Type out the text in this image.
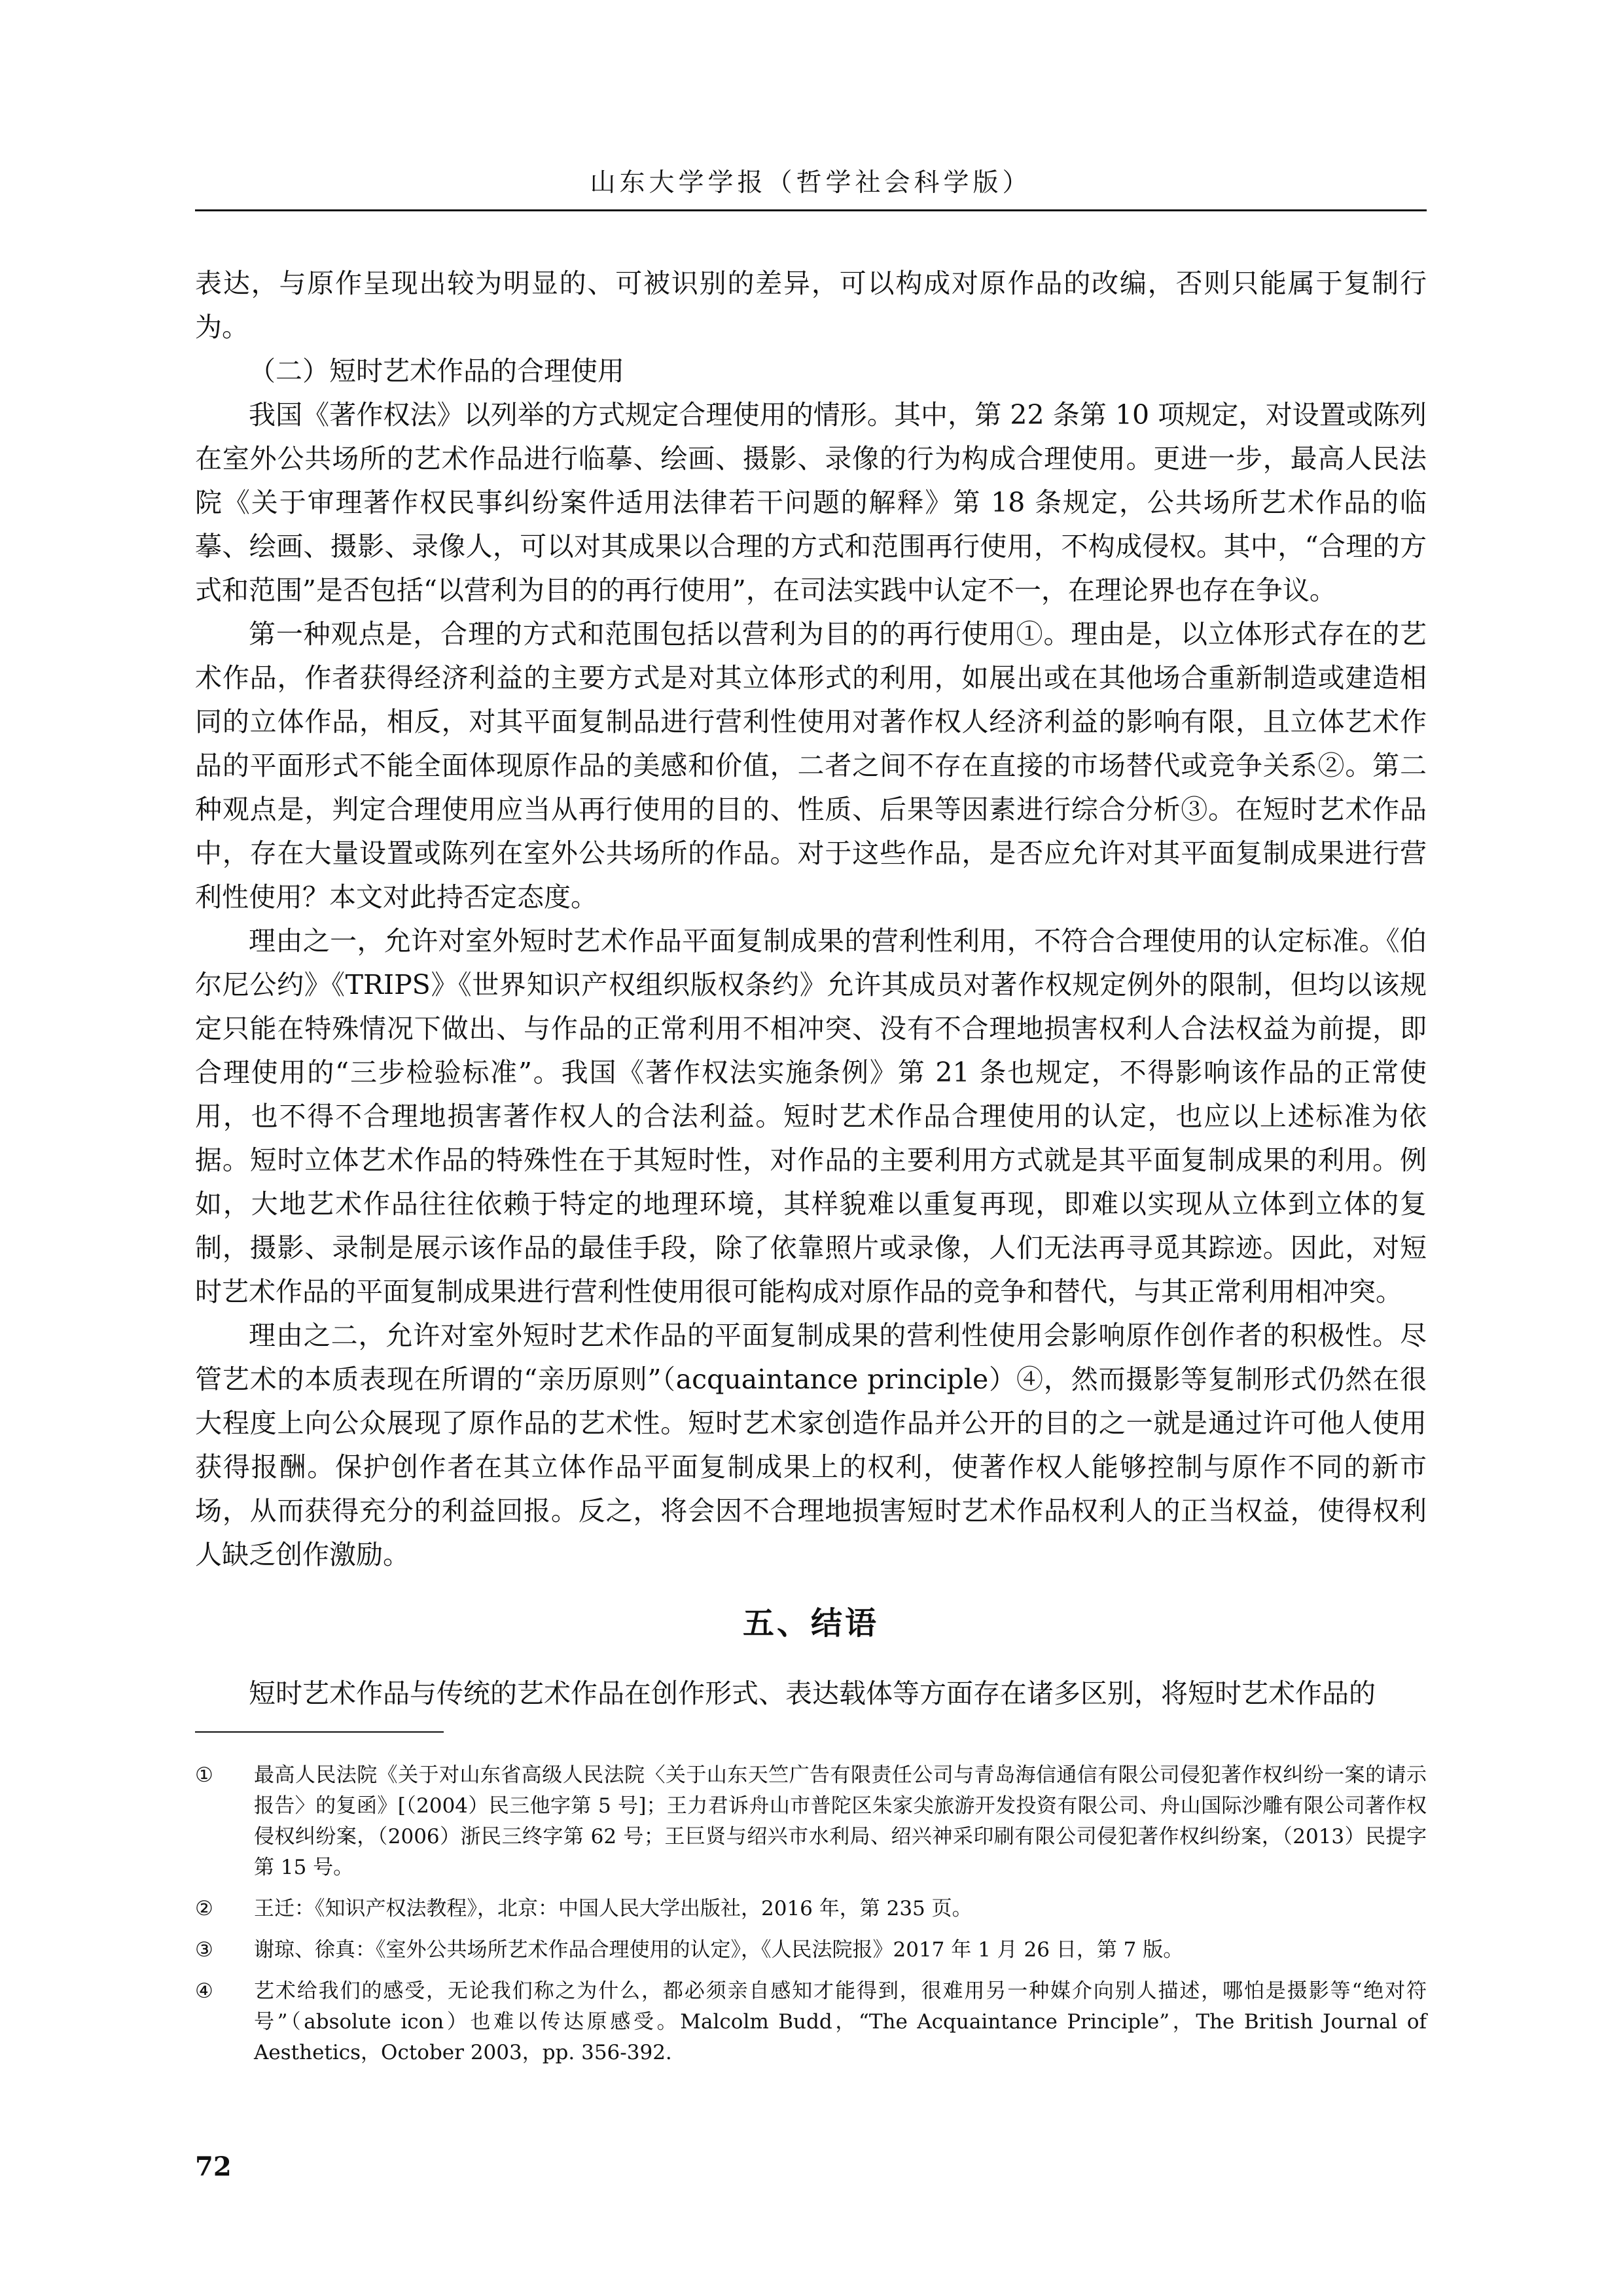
山东大学学报（哲学社会科学版）

表达，与原作呈现出较为明显的、可被识别的差异，可以构成对原作品的改编，否则只能属于复制行为。

（二）短时艺术作品的合理使用

我国《著作权法》以列举的方式规定合理使用的情形。其中，第 22 条第 10 项规定，对设置或陈列在室外公共场所的艺术作品进行临摹、绘画、摄影、录像的行为构成合理使用。更进一步，最高人民法院《关于审理著作权民事纠纷案件适用法律若干问题的解释》第 18 条规定，公共场所艺术作品的临摹、绘画、摄影、录像人，可以对其成果以合理的方式和范围再行使用，不构成侵权。其中，“合理的方式和范围”是否包括“以营利为目的的再行使用”，在司法实践中认定不一，在理论界也存在争议。

第一种观点是，合理的方式和范围包括以营利为目的的再行使用①。理由是，以立体形式存在的艺术作品，作者获得经济利益的主要方式是对其立体形式的利用，如展出或在其他场合重新制造或建造相同的立体作品，相反，对其平面复制品进行营利性使用对著作权人经济利益的影响有限，且立体艺术作品的平面形式不能全面体现原作品的美感和价值，二者之间不存在直接的市场替代或竞争关系②。第二种观点是，判定合理使用应当从再行使用的目的、性质、后果等因素进行综合分析③。在短时艺术作品中，存在大量设置或陈列在室外公共场所的作品。对于这些作品，是否应允许对其平面复制成果进行营利性使用？本文对此持否定态度。

理由之一，允许对室外短时艺术作品平面复制成果的营利性利用，不符合合理使用的认定标准。《伯尔尼公约》《TRIPS》《世界知识产权组织版权条约》允许其成员对著作权规定例外的限制，但均以该规定只能在特殊情况下做出、与作品的正常利用不相冲突、没有不合理地损害权利人合法权益为前提，即合理使用的“三步检验标准”。我国《著作权法实施条例》第 21 条也规定，不得影响该作品的正常使用，也不得不合理地损害著作权人的合法利益。短时艺术作品合理使用的认定，也应以上述标准为依据。短时立体艺术作品的特殊性在于其短时性，对作品的主要利用方式就是其平面复制成果的利用。例如，大地艺术作品往往依赖于特定的地理环境，其样貌难以重复再现，即难以实现从立体到立体的复制，摄影、录制是展示该作品的最佳手段，除了依靠照片或录像，人们无法再寻觅其踪迹。因此，对短时艺术作品的平面复制成果进行营利性使用很可能构成对原作品的竞争和替代，与其正常利用相冲突。

理由之二，允许对室外短时艺术作品的平面复制成果的营利性使用会影响原作创作者的积极性。尽管艺术的本质表现在所谓的“亲历原则”（acquaintance principle）④，然而摄影等复制形式仍然在很大程度上向公众展现了原作品的艺术性。短时艺术家创造作品并公开的目的之一就是通过许可他人使用获得报酬。保护创作者在其立体作品平面复制成果上的权利，使著作权人能够控制与原作不同的新市场，从而获得充分的利益回报。反之，将会因不合理地损害短时艺术作品权利人的正当权益，使得权利人缺乏创作激励。

五、结语

短时艺术作品与传统的艺术作品在创作形式、表达载体等方面存在诸多区别，将短时艺术作品的

①	最高人民法院《关于对山东省高级人民法院〈关于山东天竺广告有限责任公司与青岛海信通信有限公司侵犯著作权纠纷一案的请示报告〉的复函》[（2004）民三他字第 5 号]；王力君诉舟山市普陀区朱家尖旅游开发投资有限公司、舟山国际沙雕有限公司著作权侵权纠纷案，（2006）浙民三终字第 62 号；王巨贤与绍兴市水利局、绍兴神采印刷有限公司侵犯著作权纠纷案，（2013）民提字第 15 号。
②	王迁：《知识产权法教程》，北京：中国人民大学出版社，2016 年，第 235 页。
③	谢琼、徐真：《室外公共场所艺术作品合理使用的认定》，《人民法院报》2017 年 1 月 26 日，第 7 版。
④	艺术给我们的感受，无论我们称之为什么，都必须亲自感知才能得到，很难用另一种媒介向别人描述，哪怕是摄影等“绝对符号”（absolute icon）也难以传达原感受。Malcolm Budd，“The Acquaintance Principle”，The British Journal of Aesthetics，October 2003，pp. 356-392.
72
